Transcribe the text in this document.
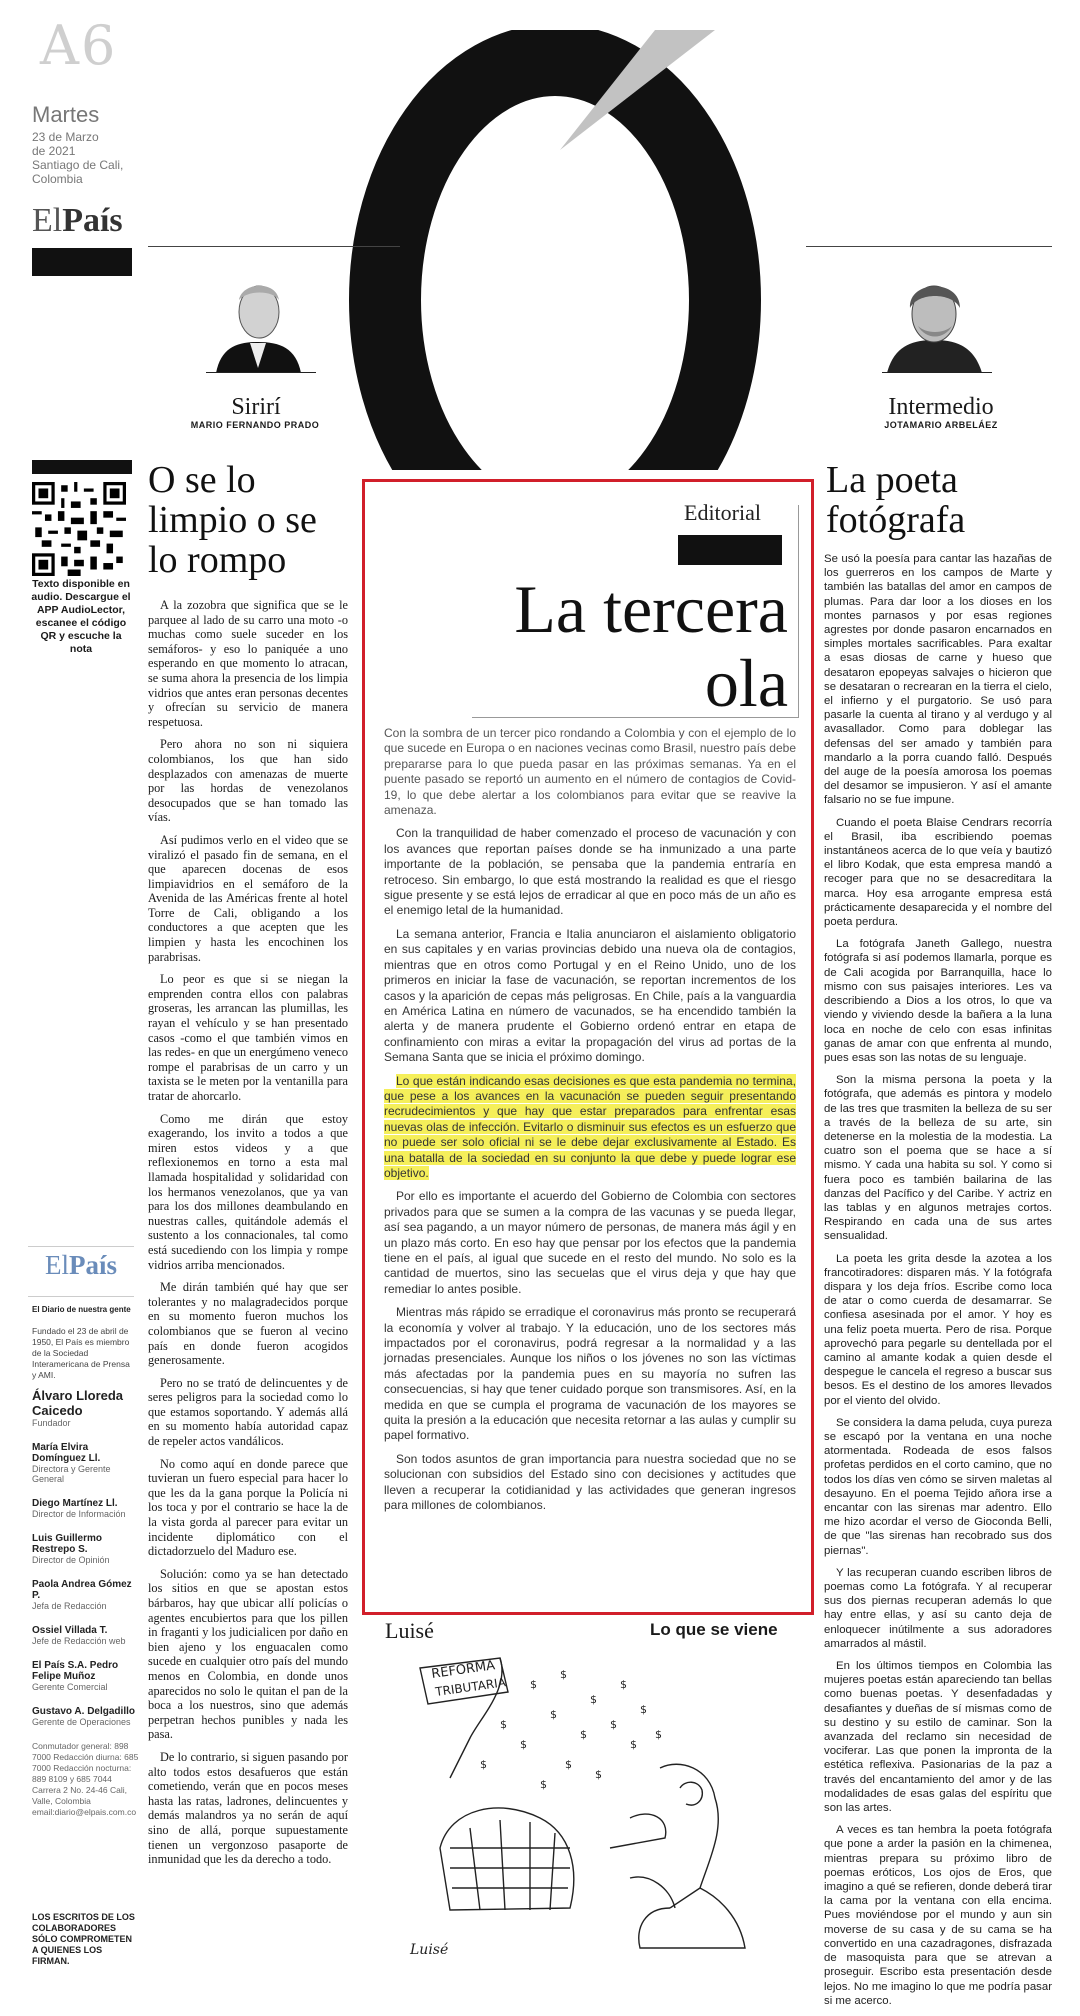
A6
Martes
23 de Marzo
de 2021
Santiago de Cali,
Colombia
ElPaís
Sirirí
MARIO FERNANDO PRADO
Intermedio
JOTAMARIO ARBELÁEZ
Texto disponible en audio. Descargue el APP AudioLector, escanee el código QR y escuche la nota
ElPaís
El Diario de nuestra gente
Fundado el 23 de abril de 1950, El País es miembro de la Sociedad Interamericana de Prensa y AMI.
Álvaro Lloreda Caicedo
Fundador
María Elvira Domínguez Ll.
Directora y Gerente General
Diego Martínez Ll.
Director de Información
Luis Guillermo Restrepo S.
Director de Opinión
Paola Andrea Gómez P.
Jefa de Redacción
Ossiel Villada T.
Jefe de Redacción web
El País S.A. Pedro Felipe Muñoz
Gerente Comercial
Gustavo A. Delgadillo
Gerente de Operaciones
Conmutador general: 898 7000 Redacción diurna: 685 7000 Redacción nocturna: 889 8109 y 685 7044 Carrera 2 No. 24-46 Cali, Valle, Colombia email:diario@elpais.com.co
LOS ESCRITOS DE LOS COLABORADORES SÓLO COMPROMETEN A QUIENES LOS FIRMAN.
O se lo limpio o se lo rompo

A la zozobra que significa que se le parquee al lado de su carro una moto -o muchas como suele suceder en los semáforos- y eso lo paniquée a uno esperando en que momento lo atracan, se suma ahora la presencia de los limpia vidrios que antes eran personas decentes y ofrecían su servicio de manera respetuosa.

Pero ahora no son ni siquiera colombianos, los que han sido desplazados con amenazas de muerte por las hordas de venezolanos desocupados que se han tomado las vías.

Así pudimos verlo en el video que se viralizó el pasado fin de semana, en el que aparecen docenas de esos limpiavidrios en el semáforo de la Avenida de las Américas frente al hotel Torre de Cali, obligando a los conductores a que acepten que les limpien y hasta les encochinen los parabrisas.

Lo peor es que si se niegan la emprenden contra ellos con palabras groseras, les arrancan las plumillas, les rayan el vehículo y se han presentado casos -como el que también vimos en las redes- en que un energúmeno veneco rompe el parabrisas de un carro y un taxista se le meten por la ventanilla para tratar de ahorcarlo.

Como me dirán que estoy exagerando, los invito a todos a que miren estos videos y a que reflexionemos en torno a esta mal llamada hospitalidad y solidaridad con los hermanos venezolanos, que ya van para los dos millones deambulando en nuestras calles, quitándole además el sustento a los connacionales, tal como está sucediendo con los limpia y rompe vidrios arriba mencionados.

Me dirán también qué hay que ser tolerantes y no malagradecidos porque en su momento fueron muchos los colombianos que se fueron al vecino país en donde fueron acogidos generosamente.

Pero no se trató de delincuentes y de seres peligros para la sociedad como lo que estamos soportando. Y además allá en su momento había autoridad capaz de repeler actos vandálicos.

No como aquí en donde parece que tuvieran un fuero especial para hacer lo que les da la gana porque la Policía ni los toca y por el contrario se hace la de la vista gorda al parecer para evitar un incidente diplomático con el dictadorzuelo del Maduro ese.

Solución: como ya se han detectado los sitios en que se apostan estos bárbaros, hay que ubicar allí policías o agentes encubiertos para que los pillen in fraganti y los judicialicen por daño en bien ajeno y los enguacalen como sucede en cualquier otro país del mundo menos en Colombia, en donde unos aparecidos no solo le quitan el pan de la boca a los nuestros, sino que además perpetran hechos punibles y nada les pasa.

De lo contrario, si siguen pasando por alto todos estos desafueros que están cometiendo, verán que en pocos meses hasta las ratas, ladrones, delincuentes y demás malandros ya no serán de aquí sino de allá, porque supuestamente tienen un vergonzoso pasaporte de inmunidad que les da derecho a todo.

Editorial
La tercera
ola

Con la sombra de un tercer pico rondando a Colombia y con el ejemplo de lo que sucede en Europa o en naciones vecinas como Brasil, nuestro país debe prepararse para lo que pueda pasar en las próximas semanas. Ya en el puente pasado se reportó un aumento en el número de contagios de Covid-19, lo que debe alertar a los colombianos para evitar que se reavive la amenaza.

Con la tranquilidad de haber comenzado el proceso de vacunación y con los avances que reportan países donde se ha inmunizado a una parte importante de la población, se pensaba que la pandemia entraría en retroceso. Sin embargo, lo que está mostrando la realidad es que el riesgo sigue presente y se está lejos de erradicar al que en poco más de un año es el enemigo letal de la humanidad.

La semana anterior, Francia e Italia anunciaron el aislamiento obligatorio en sus capitales y en varias provincias debido una nueva ola de contagios, mientras que en otros como Portugal y en el Reino Unido, uno de los primeros en iniciar la fase de vacunación, se reportan incrementos de los casos y la aparición de cepas más peligrosas. En Chile, país a la vanguardia en América Latina en número de vacunados, se ha encendido también la alerta y de manera prudente el Gobierno ordenó entrar en etapa de confinamiento con miras a evitar la propagación del virus ad portas de la Semana Santa que se inicia el próximo domingo.

Lo que están indicando esas decisiones es que esta pandemia no termina, que pese a los avances en la vacunación se pueden seguir presentando recrudecimientos y que hay que estar preparados para enfrentar esas nuevas olas de infección. Evitarlo o disminuir sus efectos es un esfuerzo que no puede ser solo oficial ni se le debe dejar exclusivamente al Estado. Es una batalla de la sociedad en su conjunto la que debe y puede lograr ese objetivo.

Por ello es importante el acuerdo del Gobierno de Colombia con sectores privados para que se sumen a la compra de las vacunas y se pueda llegar, así sea pagando, a un mayor número de personas, de manera más ágil y en un plazo más corto. En eso hay que pensar por los efectos que la pandemia tiene en el país, al igual que sucede en el resto del mundo. No solo es la cantidad de muertos, sino las secuelas que el virus deja y que hay que remediar lo antes posible.

Mientras más rápido se erradique el coronavirus más pronto se recuperará la economía y volver al trabajo. Y la educación, uno de los sectores más impactados por el coronavirus, podrá regresar a la normalidad y a las jornadas presenciales. Aunque los niños o los jóvenes no son las víctimas más afectadas por la pandemia pues en su mayoría no sufren las consecuencias, si hay que tener cuidado porque son transmisores. Así, en la medida en que se cumpla el programa de vacunación de los mayores se quita la presión a la educación que necesita retornar a las aulas y cumplir su papel formativo.

Son todos asuntos de gran importancia para nuestra sociedad que no se solucionan con subsidios del Estado sino con decisiones y actitudes que lleven a recuperar la cotidianidad y las actividades que generan ingresos para millones de colombianos.

Luisé	Lo que se viene
REFORMA
TRIBUTARIA $
$
$
$
$
$
$
$
$
$
$
$
$
$
$
$
Luisé
La poeta fotógrafa

Se usó la poesía para cantar las hazañas de los guerreros en los campos de Marte y también las batallas del amor en campos de plumas. Para dar loor a los dioses en los montes parnasos y por esas regiones agrestes por donde pasaron encarnados en simples mortales sacrificables. Para exaltar a esas diosas de carne y hueso que desataron epopeyas salvajes o hicieron que se desataran o recrearan en la tierra el cielo, el infierno y el purgatorio. Se usó para pasarle la cuenta al tirano y al verdugo y al avasallador. Como para doblegar las defensas del ser amado y también para mandarlo a la porra cuando falló. Después del auge de la poesía amorosa los poemas del desamor se impusieron. Y así el amante falsario no se fue impune.

Cuando el poeta Blaise Cendrars recorría el Brasil, iba escribiendo poemas instantáneos acerca de lo que veía y bautizó el libro Kodak, que esta empresa mandó a recoger para que no se desacreditara la marca. Hoy esa arrogante empresa está prácticamente desaparecida y el nombre del poeta perdura.

La fotógrafa Janeth Gallego, nuestra fotógrafa si así podemos llamarla, porque es de Cali acogida por Barranquilla, hace lo mismo con sus paisajes interiores. Les va describiendo a Dios a los otros, lo que va viendo y viviendo desde la bañera a la luna loca en noche de celo con esas infinitas ganas de amar con que enfrenta al mundo, pues esas son las notas de su lenguaje.

Son la misma persona la poeta y la fotógrafa, que además es pintora y modelo de las tres que trasmiten la belleza de su ser a través de la belleza de su arte, sin detenerse en la molestia de la modestia. La cuatro son el poema que se hace a sí mismo. Y cada una habita su sol. Y como si fuera poco es también bailarina de las danzas del Pacífico y del Caribe. Y actriz en las tablas y en algunos metrajes cortos. Respirando en cada una de sus artes sensualidad.

La poeta les grita desde la azotea a los francotiradores: disparen más. Y la fotógrafa dispara y los deja fríos. Escribe como loca de atar o como cuerda de desamarrar. Se confiesa asesinada por el amor. Y hoy es una feliz poeta muerta. Pero de risa. Porque aprovechó para pegarle su dentellada por el camino al amante kodak a quien desde el despegue le cancela el regreso a buscar sus besos. Es el destino de los amores llevados por el viento del olvido.

Se considera la dama peluda, cuya pureza se escapó por la ventana en una noche atormentada. Rodeada de esos falsos profetas perdidos en el corto camino, que no todos los días ven cómo se sirven maletas al desayuno. En el poema Tejido añora irse a encantar con las sirenas mar adentro. Ello me hizo acordar el verso de Gioconda Belli, de que "las sirenas han recobrado sus dos piernas".

Y las recuperan cuando escriben libros de poemas como La fotógrafa. Y al recuperar sus dos piernas recuperan además lo que hay entre ellas, y así su canto deja de enloquecer inútilmente a sus adoradores amarrados al mástil.

En los últimos tiempos en Colombia las mujeres poetas están apareciendo tan bellas como buenas poetas. Y desenfadadas y desafiantes y dueñas de sí mismas como de su destino y su estilo de caminar. Son la avanzada del reclamo sin necesidad de vociferar. Las que ponen la impronta de la estética reflexiva. Pasionarias de la paz a través del encantamiento del amor y de las modalidades de esas galas del espíritu que son las artes.

A veces es tan hembra la poeta fotógrafa que pone a arder la pasión en la chimenea, mientras prepara su próximo libro de poemas eróticos, Los ojos de Eros, que imagino a qué se refieren, donde deberá tirar la cama por la ventana con ella encima. Pues moviéndose por el mundo y aun sin moverse de su casa y de su cama se ha convertido en una cazadragones, disfrazada de masoquista para que se atrevan a proseguir. Escribo esta presentación desde lejos. No me imagino lo que me podría pasar si me acerco.
